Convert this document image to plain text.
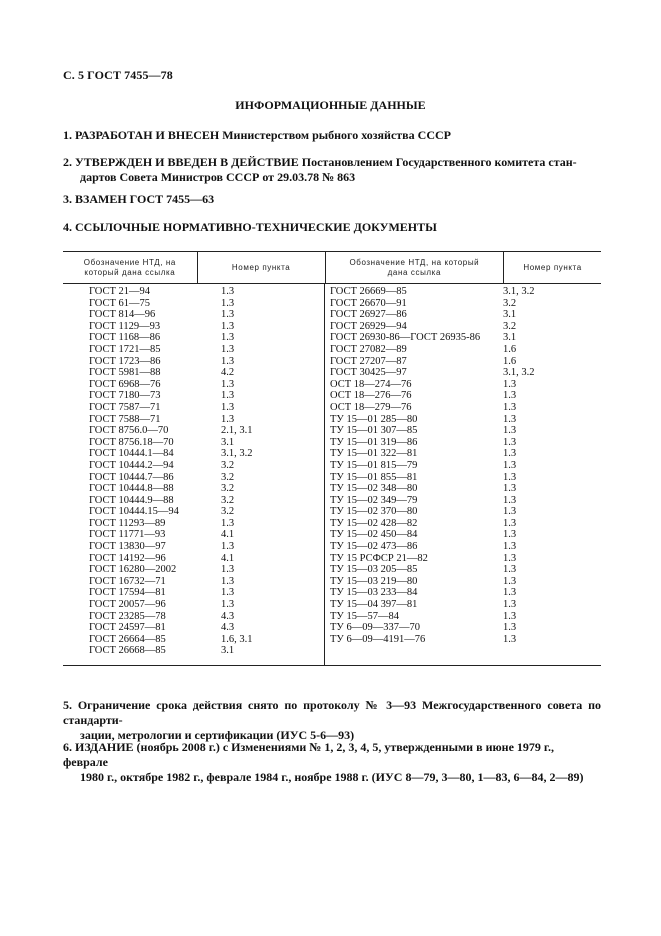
С. 5 ГОСТ 7455—78
ИНФОРМАЦИОННЫЕ ДАННЫЕ
1. РАЗРАБОТАН И ВНЕСЕН Министерством рыбного хозяйства СССР
2. УТВЕРЖДЕН И ВВЕДЕН В ДЕЙСТВИЕ Постановлением Государственного комитета стан-
дартов Совета Министров СССР от 29.03.78 № 863
3. ВЗАМЕН ГОСТ 7455—63
4. ССЫЛОЧНЫЕ НОРМАТИВНО-ТЕХНИЧЕСКИЕ ДОКУМЕНТЫ
Обозначение НТД, на
который дана ссылка
Номер пункта
Обозначение НТД, на который
дана ссылка
Номер пункта
ГОСТ 21—94
ГОСТ 61—75
ГОСТ 814—96
ГОСТ 1129—93
ГОСТ 1168—86
ГОСТ 1721—85
ГОСТ 1723—86
ГОСТ 5981—88
ГОСТ 6968—76
ГОСТ 7180—73
ГОСТ 7587—71
ГОСТ 7588—71
ГОСТ 8756.0—70
ГОСТ 8756.18—70
ГОСТ 10444.1—84
ГОСТ 10444.2—94
ГОСТ 10444.7—86
ГОСТ 10444.8—88
ГОСТ 10444.9—88
ГОСТ 10444.15—94
ГОСТ 11293—89
ГОСТ 11771—93
ГОСТ 13830—97
ГОСТ 14192—96
ГОСТ 16280—2002
ГОСТ 16732—71
ГОСТ 17594—81
ГОСТ 20057—96
ГОСТ 23285—78
ГОСТ 24597—81
ГОСТ 26664—85
ГОСТ 26668—85
1.3
1.3
1.3
1.3
1.3
1.3
1.3
4.2
1.3
1.3
1.3
1.3
2.1, 3.1
3.1
3.1, 3.2
3.2
3.2
3.2
3.2
3.2
1.3
4.1
1.3
4.1
1.3
1.3
1.3
1.3
4.3
4.3
1.6, 3.1
3.1
ГОСТ 26669—85
ГОСТ 26670—91
ГОСТ 26927—86
ГОСТ 26929—94
ГОСТ 26930-86—ГОСТ 26935-86
ГОСТ 27082—89
ГОСТ 27207—87
ГОСТ 30425—97
ОСТ 18—274—76
ОСТ 18—276—76
ОСТ 18—279—76
ТУ 15—01 285—80
ТУ 15—01 307—85
ТУ 15—01 319—86
ТУ 15—01 322—81
ТУ 15—01 815—79
ТУ 15—01 855—81
ТУ 15—02 348—80
ТУ 15—02 349—79
ТУ 15—02 370—80
ТУ 15—02 428—82
ТУ 15—02 450—84
ТУ 15—02 473—86
ТУ 15 РСФСР 21—82
ТУ 15—03 205—85
ТУ 15—03 219—80
ТУ 15—03 233—84
ТУ 15—04 397—81
ТУ 15—57—84
ТУ 6—09—337—70
ТУ 6—09—4191—76
3.1, 3.2
3.2
3.1
3.2
3.1
1.6
1.6
3.1, 3.2
1.3
1.3
1.3
1.3
1.3
1.3
1.3
1.3
1.3
1.3
1.3
1.3
1.3
1.3
1.3
1.3
1.3
1.3
1.3
1.3
1.3
1.3
1.3
5. Ограничение срока действия снято по протоколу № 3—93 Межгосударственного совета по стандарти-
зации, метрологии и сертификации (ИУС 5-6—93)
6. ИЗДАНИЕ (ноябрь 2008 г.) с Изменениями № 1, 2, 3, 4, 5, утвержденными в июне 1979 г., феврале
1980 г., октябре 1982 г., феврале 1984 г., ноябре 1988 г. (ИУС 8—79, 3—80, 1—83, 6—84, 2—89)
